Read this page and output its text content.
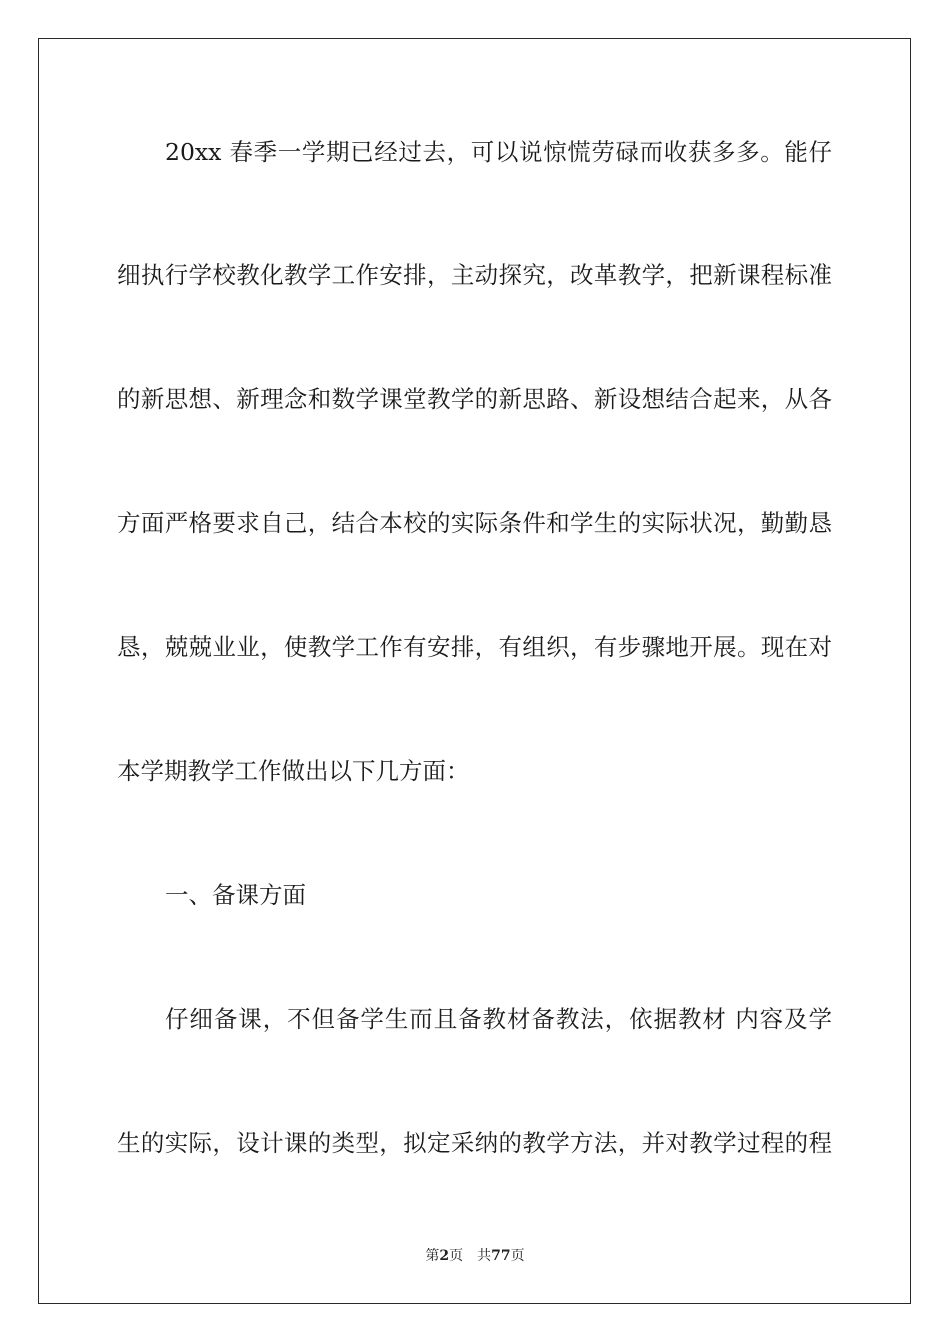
20xx 春季一学期已经过去，可以说惊慌劳碌而收获多多。能仔
细执行学校教化教学工作安排，主动探究，改革教学，把新课程标准
的新思想、新理念和数学课堂教学的新思路、新设想结合起来，从各
方面严格要求自己，结合本校的实际条件和学生的实际状况，勤勤恳
恳，兢兢业业，使教学工作有安排，有组织，有步骤地开展。现在对
本学期教学工作做出以下几方面：
一、备课方面
仔细备课，不但备学生而且备教材备教法，依据教材 内容及学
生的实际，设计课的类型，拟定采纳的教学方法，并对教学过程的程
第2页 共77页
